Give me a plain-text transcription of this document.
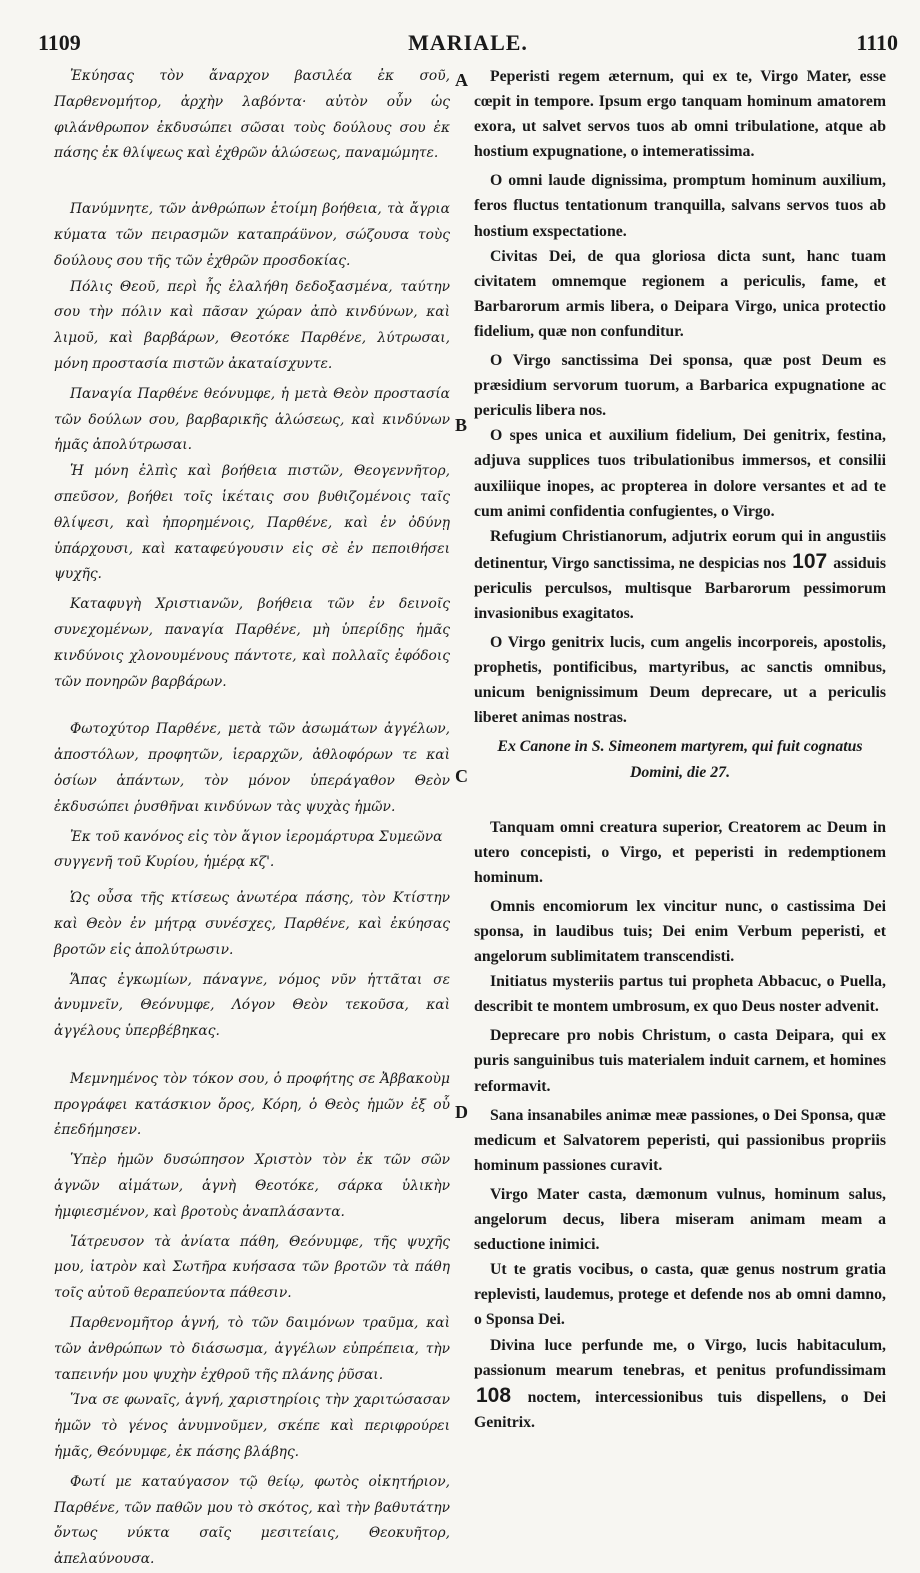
1109	MARIALE.	1110
A
B
C
D

Ἐκύησας τὸν ἄναρχον βασιλέα ἐκ σοῦ, Παρθενομήτορ, ἀρχὴν λαβόντα· αὐτὸν οὖν ὡς φιλάνθρωπον ἐκδυσώπει σῶσαι τοὺς δούλους σου ἐκ πάσης ἐκ θλίψεως καὶ ἐχθρῶν ἁλώσεως, παναμώμητε.

Πανύμνητε, τῶν ἀνθρώπων ἑτοίμη βοήθεια, τὰ ἄγρια κύματα τῶν πειρασμῶν καταπράϋνον, σώζουσα τοὺς δούλους σου τῆς τῶν ἐχθρῶν προσδοκίας.

Πόλις Θεοῦ, περὶ ἧς ἐλαλήθη δεδοξασμένα, ταύτην σου τὴν πόλιν καὶ πᾶσαν χώραν ἀπὸ κινδύνων, καὶ λιμοῦ, καὶ βαρβάρων, Θεοτόκε Παρθένε, λύτρωσαι, μόνη προστασία πιστῶν ἀκαταίσχυντε.

Παναγία Παρθένε θεόνυμφε, ἡ μετὰ Θεὸν προστασία τῶν δούλων σου, βαρβαρικῆς ἁλώσεως, καὶ κινδύνων ἡμᾶς ἀπολύτρωσαι.

Ἡ μόνη ἐλπὶς καὶ βοήθεια πιστῶν, Θεογεννῆτορ, σπεῦσον, βοήθει τοῖς ἱκέταις σου βυθιζομένοις ταῖς θλίψεσι, καὶ ἠπορημένοις, Παρθένε, καὶ ἐν ὀδύνῃ ὑπάρχουσι, καὶ καταφεύγουσιν εἰς σὲ ἐν πεποιθήσει ψυχῆς.

Καταφυγὴ Χριστιανῶν, βοήθεια τῶν ἐν δεινοῖς συνεχομένων, παναγία Παρθένε, μὴ ὑπερίδῃς ἡμᾶς κινδύνοις χλονουμένους πάντοτε, καὶ πολλαῖς ἐφόδοις τῶν πονηρῶν βαρβάρων.

Φωτοχύτορ Παρθένε, μετὰ τῶν ἀσωμάτων ἀγγέλων, ἀποστόλων, προφητῶν, ἱεραρχῶν, ἀθλοφόρων τε καὶ ὁσίων ἁπάντων, τὸν μόνον ὑπεράγαθον Θεὸν ἐκδυσώπει ῥυσθῆναι κινδύνων τὰς ψυχὰς ἡμῶν.

Ἐκ τοῦ κανόνος εἰς τὸν ἅγιον ἱερομάρτυρα Συμεῶνα συγγενῆ τοῦ Κυρίου, ἡμέρᾳ κζ'.

Ὡς οὖσα τῆς κτίσεως ἀνωτέρα πάσης, τὸν Κτίστην καὶ Θεὸν ἐν μήτρᾳ συνέσχες, Παρθένε, καὶ ἐκύησας βροτῶν εἰς ἀπολύτρωσιν.

Ἅπας ἐγκωμίων, πάναγνε, νόμος νῦν ἡττᾶται σε ἀνυμνεῖν, Θεόνυμφε, Λόγον Θεὸν τεκοῦσα, καὶ ἀγγέλους ὑπερβέβηκας.

Μεμνημένος τὸν τόκον σου, ὁ προφήτης σε Ἀββακοὺμ προγράφει κατάσκιον ὄρος, Κόρη, ὁ Θεὸς ἡμῶν ἐξ οὗ ἐπεδήμησεν.

Ὑπὲρ ἡμῶν δυσώπησον Χριστὸν τὸν ἐκ τῶν σῶν ἁγνῶν αἱμάτων, ἁγνὴ Θεοτόκε, σάρκα ὑλικὴν ἠμφιεσμένον, καὶ βροτοὺς ἀναπλάσαντα.

Ἰάτρευσον τὰ ἀνίατα πάθη, Θεόνυμφε, τῆς ψυχῆς μου, ἰατρὸν καὶ Σωτῆρα κυήσασα τῶν βροτῶν τὰ πάθη τοῖς αὐτοῦ θεραπεύοντα πάθεσιν.

Παρθενομῆτορ ἁγνή, τὸ τῶν δαιμόνων τραῦμα, καὶ τῶν ἀνθρώπων τὸ διάσωσμα, ἀγγέλων εὐπρέπεια, τὴν ταπεινήν μου ψυχὴν ἐχθροῦ τῆς πλάνης ῥῦσαι.

Ἵνα σε φωναῖς, ἁγνή, χαριστηρίοις τὴν χαριτώσασαν ἡμῶν τὸ γένος ἀνυμνοῦμεν, σκέπε καὶ περιφρούρει ἡμᾶς, Θεόνυμφε, ἐκ πάσης βλάβης.

Φωτί με καταύγασον τῷ θείῳ, φωτὸς οἰκητήριον, Παρθένε, τῶν παθῶν μου τὸ σκότος, καὶ τὴν βαθυτάτην ὄντως νύκτα σαῖς μεσιτείαις, Θεοκυῆτορ, ἀπελαύνουσα.

Peperisti regem æternum, qui ex te, Virgo Mater, esse cœpit in tempore. Ipsum ergo tanquam hominum amatorem exora, ut salvet servos tuos ab omni tribulatione, atque ab hostium expugnatione, o intemeratissima.

O omni laude dignissima, promptum hominum auxilium, feros fluctus tentationum tranquilla, salvans servos tuos ab hostium exspectatione.

Civitas Dei, de qua gloriosa dicta sunt, hanc tuam civitatem omnemque regionem a periculis, fame, et Barbarorum armis libera, o Deipara Virgo, unica protectio fidelium, quæ non confunditur.

O Virgo sanctissima Dei sponsa, quæ post Deum es præsidium servorum tuorum, a Barbarica expugnatione ac periculis libera nos.

O spes unica et auxilium fidelium, Dei genitrix, festina, adjuva supplices tuos tribulationibus immersos, et consilii auxiliique inopes, ac propterea in dolore versantes et ad te cum animi confidentia confugientes, o Virgo.

Refugium Christianorum, adjutrix eorum qui in angustiis detinentur, Virgo sanctissima, ne despicias nos 107 assiduis periculis perculsos, multisque Barbarorum pessimorum invasionibus exagitatos.

O Virgo genitrix lucis, cum angelis incorporeis, apostolis, prophetis, pontificibus, martyribus, ac sanctis omnibus, unicum benignissimum Deum deprecare, ut a periculis liberet animas nostras.

Ex Canone in S. Simeonem martyrem, qui fuit cognatus Domini, die 27.

Tanquam omni creatura superior, Creatorem ac Deum in utero concepisti, o Virgo, et peperisti in redemptionem hominum.

Omnis encomiorum lex vincitur nunc, o castissima Dei sponsa, in laudibus tuis; Dei enim Verbum peperisti, et angelorum sublimitatem transcendisti.

Initiatus mysteriis partus tui propheta Abbacuc, o Puella, describit te montem umbrosum, ex quo Deus noster advenit.

Deprecare pro nobis Christum, o casta Deipara, qui ex puris sanguinibus tuis materialem induit carnem, et homines reformavit.

Sana insanabiles animæ meæ passiones, o Dei Sponsa, quæ medicum et Salvatorem peperisti, qui passionibus propriis hominum passiones curavit.

Virgo Mater casta, dæmonum vulnus, hominum salus, angelorum decus, libera miseram animam meam a seductione inimici.

Ut te gratis vocibus, o casta, quæ genus nostrum gratia replevisti, laudemus, protege et defende nos ab omni damno, o Sponsa Dei.

Divina luce perfunde me, o Virgo, lucis habitaculum, passionum mearum tenebras, et penitus profundissimam 108 noctem, intercessionibus tuis dispellens, o Dei Genitrix.
